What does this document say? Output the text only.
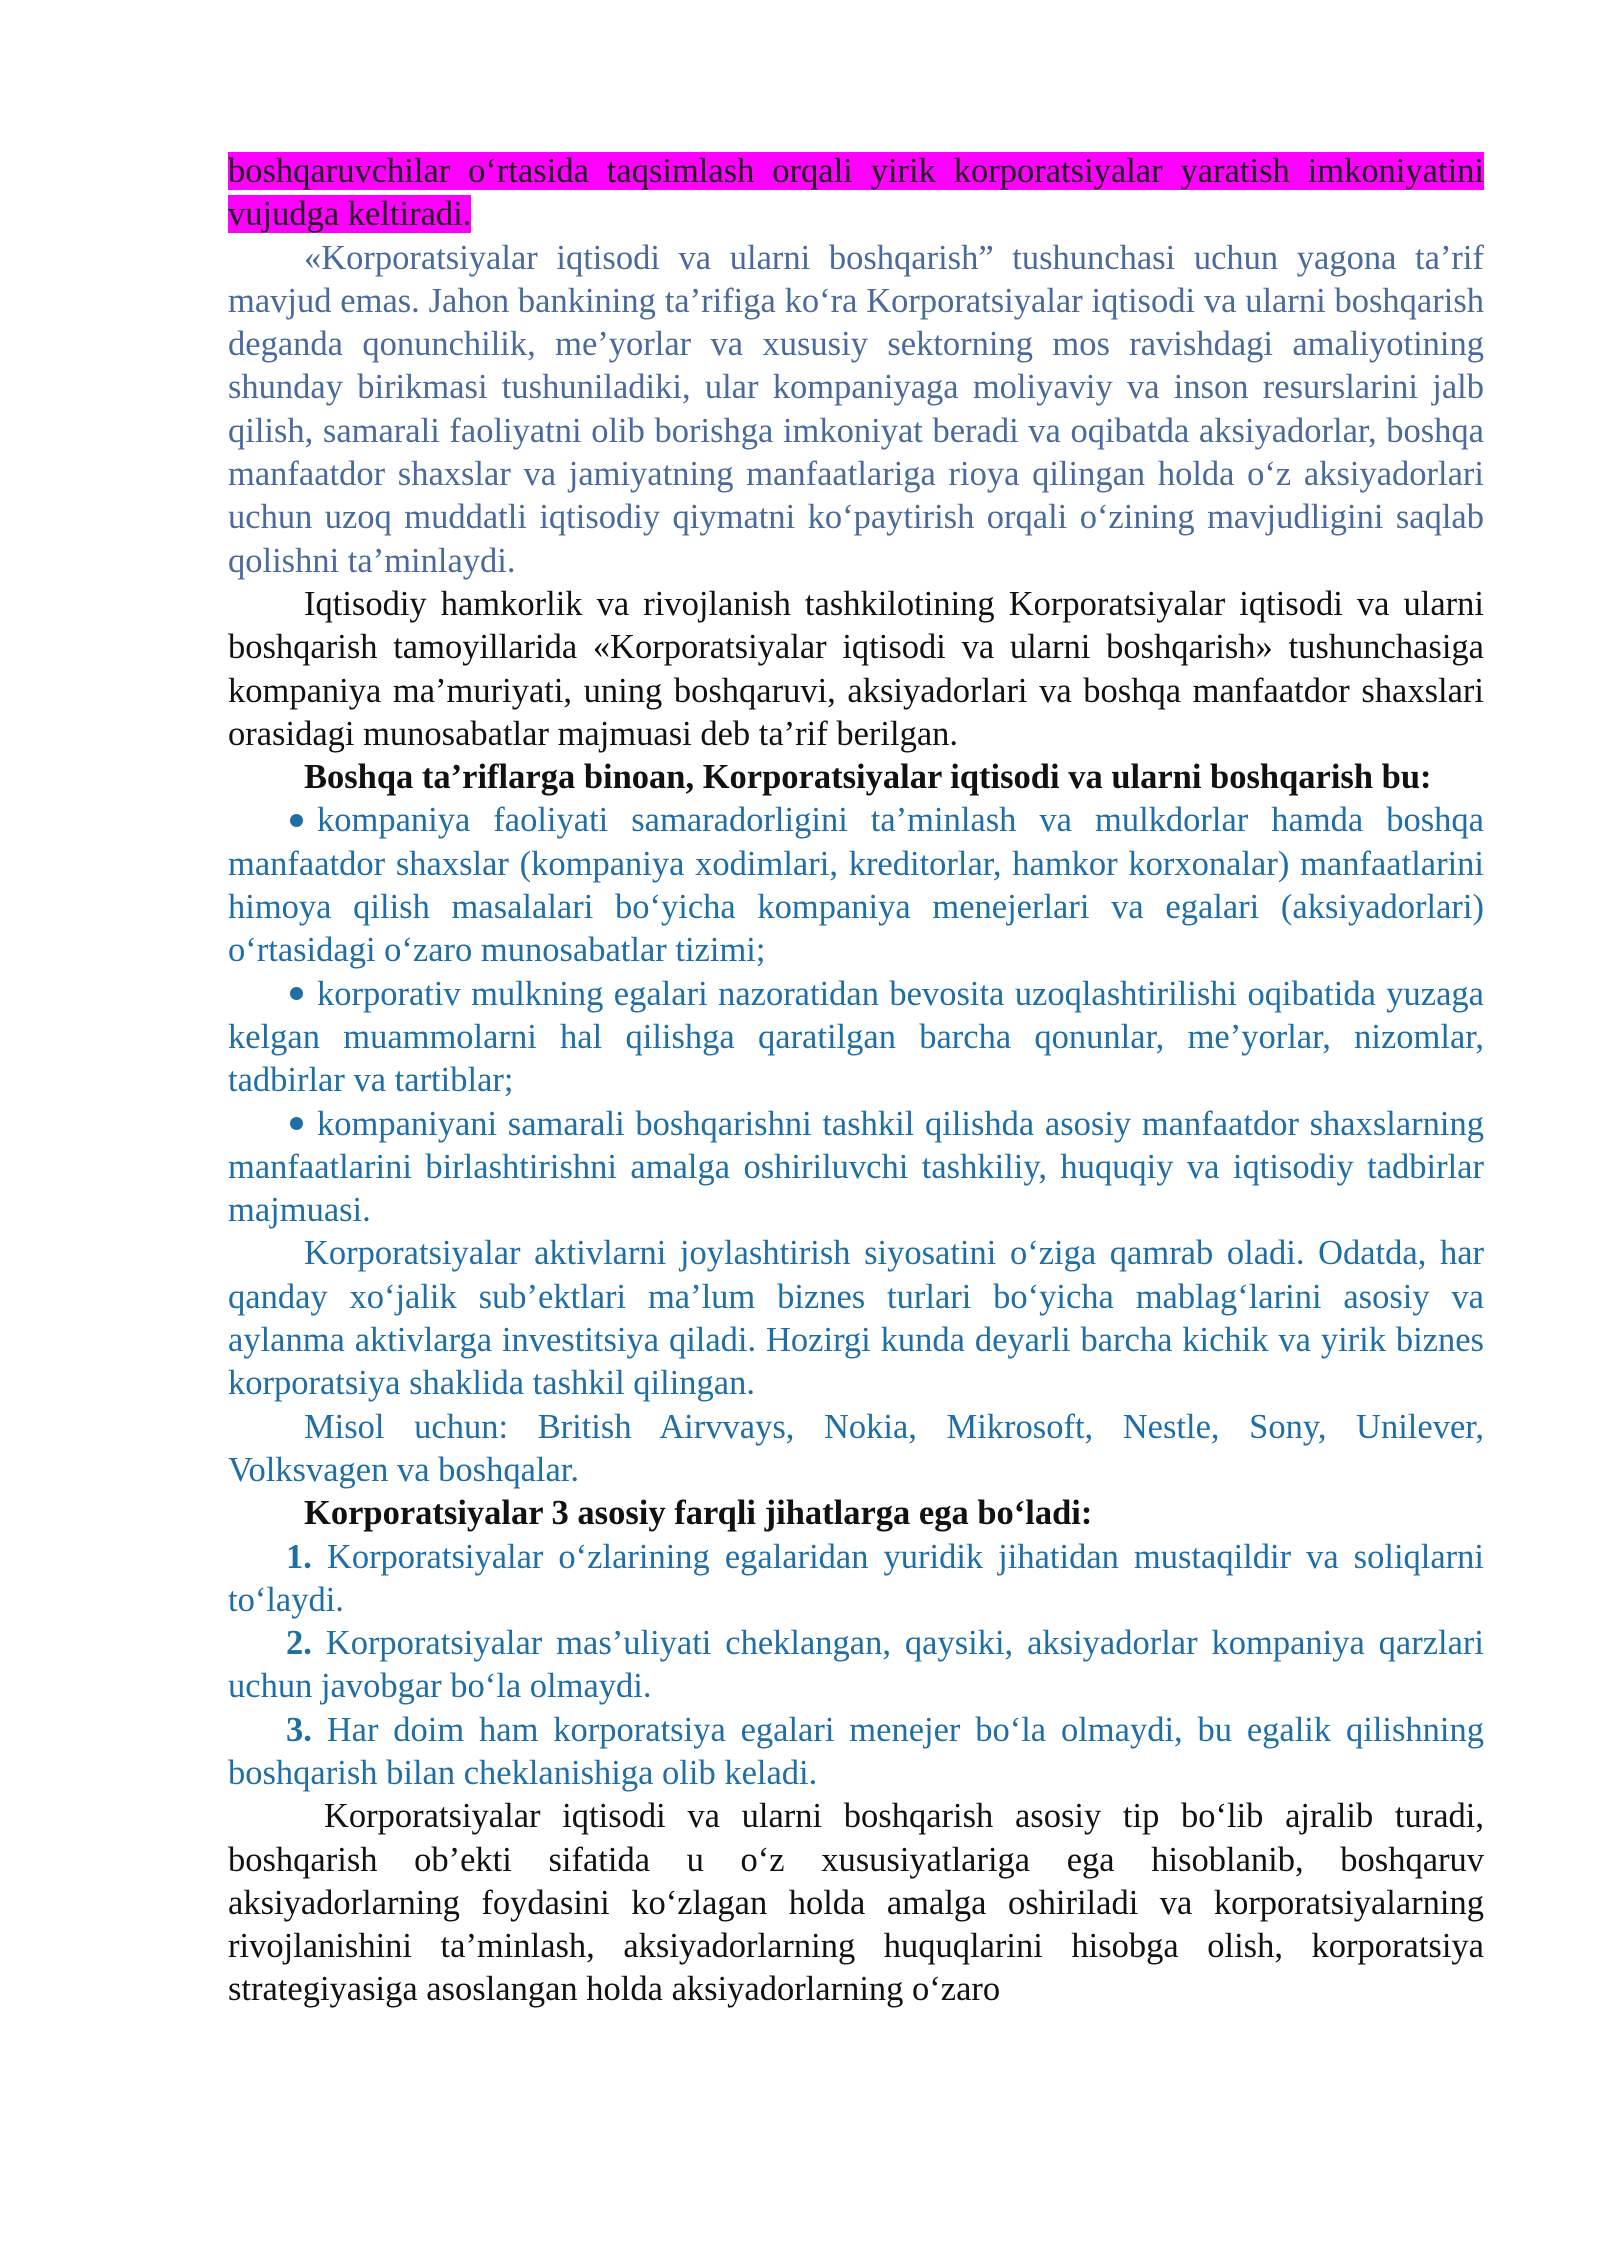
boshqaruvchilar o‘rtasida taqsimlash orqali yirik korporatsiyalar yaratish imkoniyatini vujudga keltiradi.

«Korporatsiyalar iqtisodi va ularni boshqarish” tushunchasi uchun yagona ta’rif mavjud emas. Jahon bankining ta’rifiga ko‘ra Korporatsiyalar iqtisodi va ularni boshqarish deganda qonunchilik, me’yorlar va xususiy sektorning mos ravishdagi amaliyotining shunday birikmasi tushuniladiki, ular kompaniyaga moliyaviy va inson resurslarini jalb qilish, samarali faoliyatni olib borishga imkoniyat beradi va oqibatda aksiyadorlar, boshqa manfaatdor shaxslar va jamiyatning manfaatlariga rioya qilingan holda o‘z aksiyadorlari uchun uzoq muddatli iqtisodiy qiymatni ko‘paytirish orqali o‘zining mavjudligini saqlab qolishni ta’minlaydi.

Iqtisodiy hamkorlik va rivojlanish tashkilotining Korporatsiyalar iqtisodi va ularni boshqarish tamoyillarida «Korporatsiyalar iqtisodi va ularni boshqarish» tushunchasiga kompaniya ma’muriyati, uning boshqaruvi, aksiyadorlari va boshqa manfaatdor shaxslari orasidagi munosabatlar majmuasi deb ta’rif berilgan.

Boshqa ta’riflarga binoan, Korporatsiyalar iqtisodi va ularni boshqarish bu:

kompaniya faoliyati samaradorligini ta’minlash va mulkdorlar hamda boshqa manfaatdor shaxslar (kompaniya xodimlari, kreditorlar, hamkor korxonalar) manfaatlarini himoya qilish masalalari bo‘yicha kompaniya menejerlari va egalari (aksiyadorlari) o‘rtasidagi o‘zaro munosabatlar tizimi;

korporativ mulkning egalari nazoratidan bevosita uzoqlashtirilishi oqibatida yuzaga kelgan muammolarni hal qilishga qaratilgan barcha qonunlar, me’yorlar, nizomlar, tadbirlar va tartiblar;

kompaniyani samarali boshqarishni tashkil qilishda asosiy manfaatdor shaxslarning manfaatlarini birlashtirishni amalga oshiriluvchi tashkiliy, huquqiy va iqtisodiy tadbirlar majmuasi.

Korporatsiyalar aktivlarni joylashtirish siyosatini o‘ziga qamrab oladi. Odatda, har qanday xo‘jalik sub’ektlari ma’lum biznes turlari bo‘yicha mablag‘larini asosiy va aylanma aktivlarga investitsiya qiladi. Hozirgi kunda deyarli barcha kichik va yirik biznes korporatsiya shaklida tashkil qilingan.

Misol uchun: British Airvvays, Nokia, Mikrosoft, Nestle, Sony, Unilever, Volksvagen va boshqalar.

Korporatsiyalar 3 asosiy farqli jihatlarga ega bo‘ladi:

1. Korporatsiyalar o‘zlarining egalaridan yuridik jihatidan mustaqildir va soliqlarni to‘laydi.

2. Korporatsiyalar mas’uliyati cheklangan, qaysiki, aksiyadorlar kompaniya qarzlari uchun javobgar bo‘la olmaydi.

3. Har doim ham korporatsiya egalari menejer bo‘la olmaydi, bu egalik qilishning boshqarish bilan cheklanishiga olib keladi.

Korporatsiyalar iqtisodi va ularni boshqarish asosiy tip bo‘lib ajralib turadi, boshqarish ob’ekti sifatida u o‘z xususiyatlariga ega hisoblanib, boshqaruv aksiyadorlarning foydasini ko‘zlagan holda amalga oshiriladi va korporatsiyalarning rivojlanishini ta’minlash, aksiyadorlarning huquqlarini hisobga olish, korporatsiya strategiyasiga asoslangan holda aksiyadorlarning o‘zaro
